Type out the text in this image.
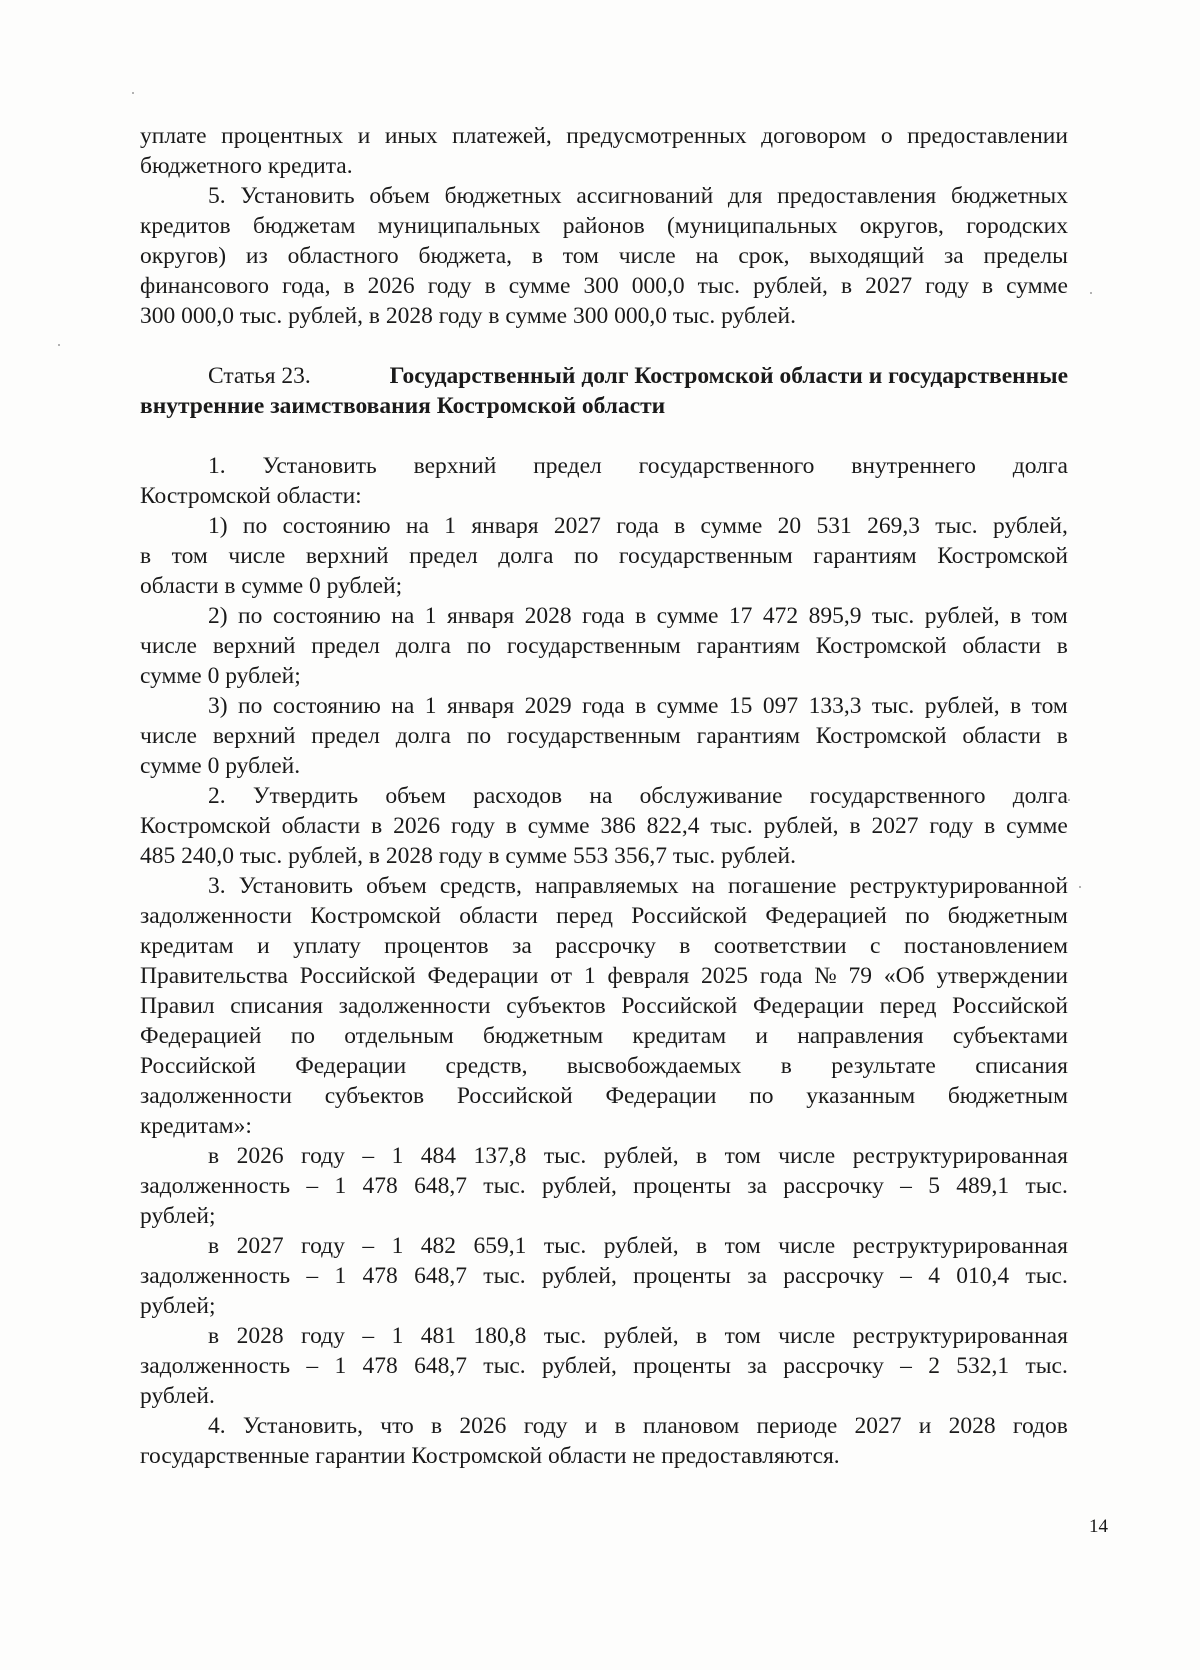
уплате процентных и иных платежей, предусмотренных договором о предоставлении
бюджетного кредита.
5. Установить объем бюджетных ассигнований для предоставления бюджетных
кредитов бюджетам муниципальных районов (муниципальных округов, городских
округов) из областного бюджета, в том числе на срок, выходящий за пределы
финансового года, в 2026 году в сумме 300 000,0 тыс. рублей, в 2027 году в сумме
300 000,0 тыс. рублей, в 2028 году в сумме 300 000,0 тыс. рублей.
Статья 23.	Государственный долг Костромской области и государственные
внутренние заимствования Костромской области
1. Установить верхний предел государственного внутреннего долга
Костромской области:
1) по состоянию на 1 января 2027 года в сумме 20 531 269,3 тыс. рублей,
в том числе верхний предел долга по государственным гарантиям Костромской
области в сумме 0 рублей;
2) по состоянию на 1 января 2028 года в сумме 17 472 895,9 тыс. рублей, в том
числе верхний предел долга по государственным гарантиям Костромской области в
сумме 0 рублей;
3) по состоянию на 1 января 2029 года в сумме 15 097 133,3 тыс. рублей, в том
числе верхний предел долга по государственным гарантиям Костромской области в
сумме 0 рублей.
2. Утвердить объем расходов на обслуживание государственного долга
Костромской области в 2026 году в сумме 386 822,4 тыс. рублей, в 2027 году в сумме
485 240,0 тыс. рублей, в 2028 году в сумме 553 356,7 тыс. рублей.
3. Установить объем средств, направляемых на погашение реструктурированной
задолженности Костромской области перед Российской Федерацией по бюджетным
кредитам и уплату процентов за рассрочку в соответствии с постановлением
Правительства Российской Федерации от 1 февраля 2025 года № 79 «Об утверждении
Правил списания задолженности субъектов Российской Федерации перед Российской
Федерацией по отдельным бюджетным кредитам и направления субъектами
Российской Федерации средств, высвобождаемых в результате списания
задолженности субъектов Российской Федерации по указанным бюджетным
кредитам»:
в 2026 году – 1 484 137,8 тыс. рублей, в том числе реструктурированная
задолженность – 1 478 648,7 тыс. рублей, проценты за рассрочку – 5 489,1 тыс.
рублей;
в 2027 году – 1 482 659,1 тыс. рублей, в том числе реструктурированная
задолженность – 1 478 648,7 тыс. рублей, проценты за рассрочку – 4 010,4 тыс.
рублей;
в 2028 году – 1 481 180,8 тыс. рублей, в том числе реструктурированная
задолженность – 1 478 648,7 тыс. рублей, проценты за рассрочку – 2 532,1 тыс.
рублей.
4. Установить, что в 2026 году и в плановом периоде 2027 и 2028 годов
государственные гарантии Костромской области не предоставляются.
14
